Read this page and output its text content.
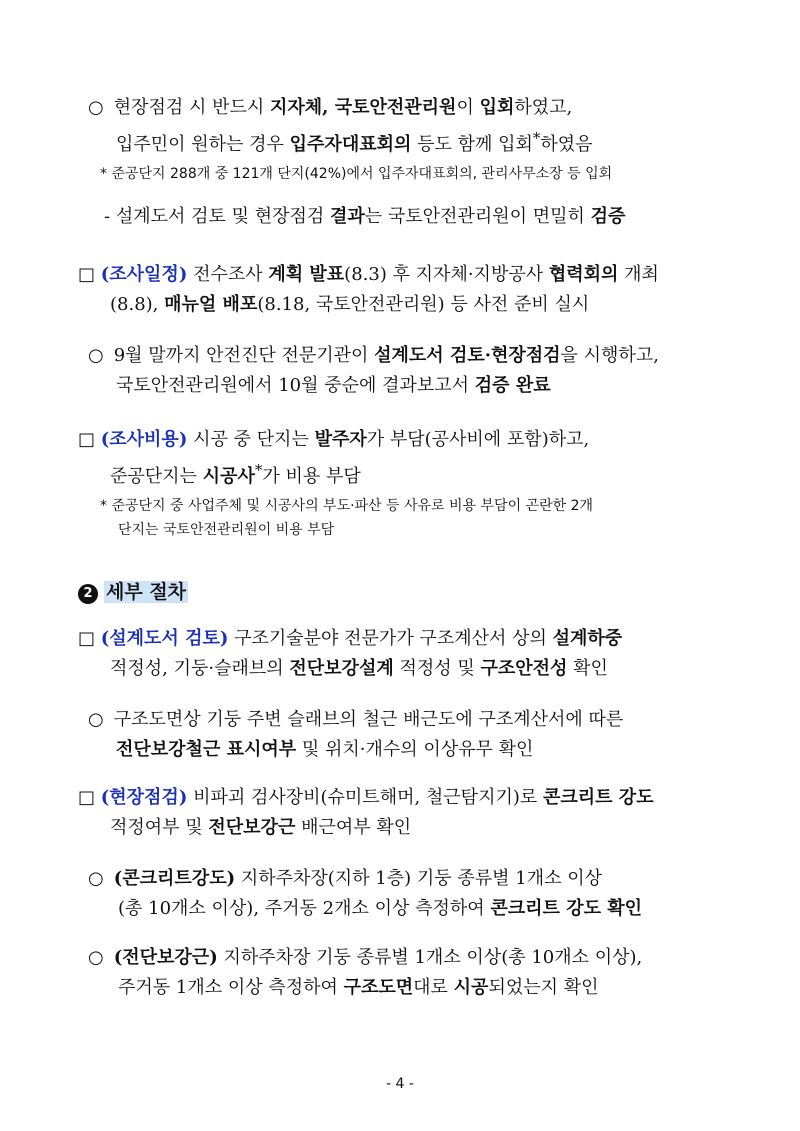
○ 현장점검 시 반드시 지자체, 국토안전관리원이 입회하였고,
입주민이 원하는 경우 입주자대표회의 등도 함께 입회*하였음
* 준공단지 288개 중 121개 단지(42%)에서 입주자대표회의, 관리사무소장 등 입회
- 설계도서 검토 및 현장점검 결과는 국토안전관리원이 면밀히 검증
□ (조사일정) 전수조사 계획 발표(8.3) 후 지자체·지방공사 협력회의 개최
(8.8), 매뉴얼 배포(8.18, 국토안전관리원) 등 사전 준비 실시
○ 9월 말까지 안전진단 전문기관이 설계도서 검토·현장점검을 시행하고,
국토안전관리원에서 10월 중순에 결과보고서 검증 완료
□ (조사비용) 시공 중 단지는 발주자가 부담(공사비에 포함)하고,
준공단지는 시공사*가 비용 부담
* 준공단지 중 사업주체 및 시공사의 부도·파산 등 사유로 비용 부담이 곤란한 2개
단지는 국토안전관리원이 비용 부담
2 세부 절차
□ (설계도서 검토) 구조기술분야 전문가가 구조계산서 상의 설계하중
적정성, 기둥·슬래브의 전단보강설계 적정성 및 구조안전성 확인
○ 구조도면상 기둥 주변 슬래브의 철근 배근도에 구조계산서에 따른
전단보강철근 표시여부 및 위치·개수의 이상유무 확인
□ (현장점검) 비파괴 검사장비(슈미트해머, 철근탐지기)로 콘크리트 강도
적정여부 및 전단보강근 배근여부 확인
○ (콘크리트강도) 지하주차장(지하 1층) 기둥 종류별 1개소 이상
(총 10개소 이상), 주거동 2개소 이상 측정하여 콘크리트 강도 확인
○ (전단보강근) 지하주차장 기둥 종류별 1개소 이상(총 10개소 이상),
주거동 1개소 이상 측정하여 구조도면대로 시공되었는지 확인
- 4 -
